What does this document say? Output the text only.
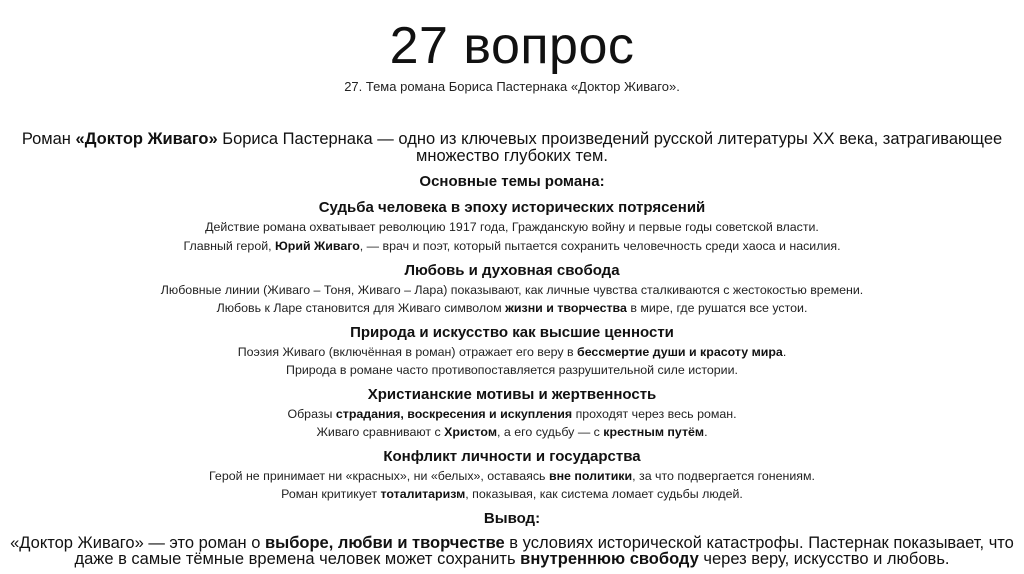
27 вопрос
27. Тема романа Бориса Пастернака «Доктор Живаго».
Роман «Доктор Живаго» Бориса Пастернака — одно из ключевых произведений русской литературы XX века, затрагивающее
множество глубоких тем.
Основные темы романа:
Судьба человека в эпоху исторических потрясений
Действие романа охватывает революцию 1917 года, Гражданскую войну и первые годы советской власти.
Главный герой, Юрий Живаго, — врач и поэт, который пытается сохранить человечность среди хаоса и насилия.
Любовь и духовная свобода
Любовные линии (Живаго – Тоня, Живаго – Лара) показывают, как личные чувства сталкиваются с жестокостью времени.
Любовь к Ларе становится для Живаго символом жизни и творчества в мире, где рушатся все устои.
Природа и искусство как высшие ценности
Поэзия Живаго (включённая в роман) отражает его веру в бессмертие души и красоту мира.
Природа в романе часто противопоставляется разрушительной силе истории.
Христианские мотивы и жертвенность
Образы страдания, воскресения и искупления проходят через весь роман.
Живаго сравнивают с Христом, а его судьбу — с крестным путём.
Конфликт личности и государства
Герой не принимает ни «красных», ни «белых», оставаясь вне политики, за что подвергается гонениям.
Роман критикует тоталитаризм, показывая, как система ломает судьбы людей.
Вывод:
«Доктор Живаго» — это роман о выборе, любви и творчестве в условиях исторической катастрофы. Пастернак показывает, что
даже в самые тёмные времена человек может сохранить внутреннюю свободу через веру, искусство и любовь.
